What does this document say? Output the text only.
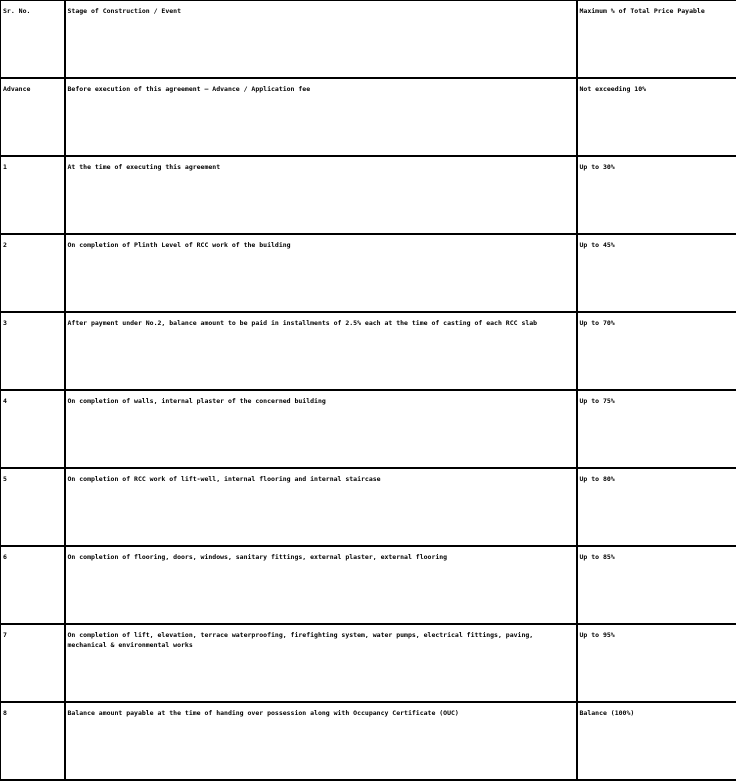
Sr. No.	Stage of Construction / Event	Maximum % of Total Price Payable
Advance	Before execution of this agreement – Advance / Application fee	Not exceeding 10%
1	At the time of executing this agreement	Up to 30%
2	On completion of Plinth Level of RCC work of the building	Up to 45%
3	After payment under No.2, balance amount to be paid in installments of 2.5% each at the time of casting of each RCC slab	Up to 70%
4	On completion of walls, internal plaster of the concerned building	Up to 75%
5	On completion of RCC work of lift-well, internal flooring and internal staircase	Up to 80%
6	On completion of flooring, doors, windows, sanitary fittings, external plaster, external flooring	Up to 85%
7	On completion of lift, elevation, terrace waterproofing, firefighting system, water pumps, electrical fittings, paving, mechanical & environmental works	Up to 95%
8	Balance amount payable at the time of handing over possession along with Occupancy Certificate (OUC)	Balance (100%)
